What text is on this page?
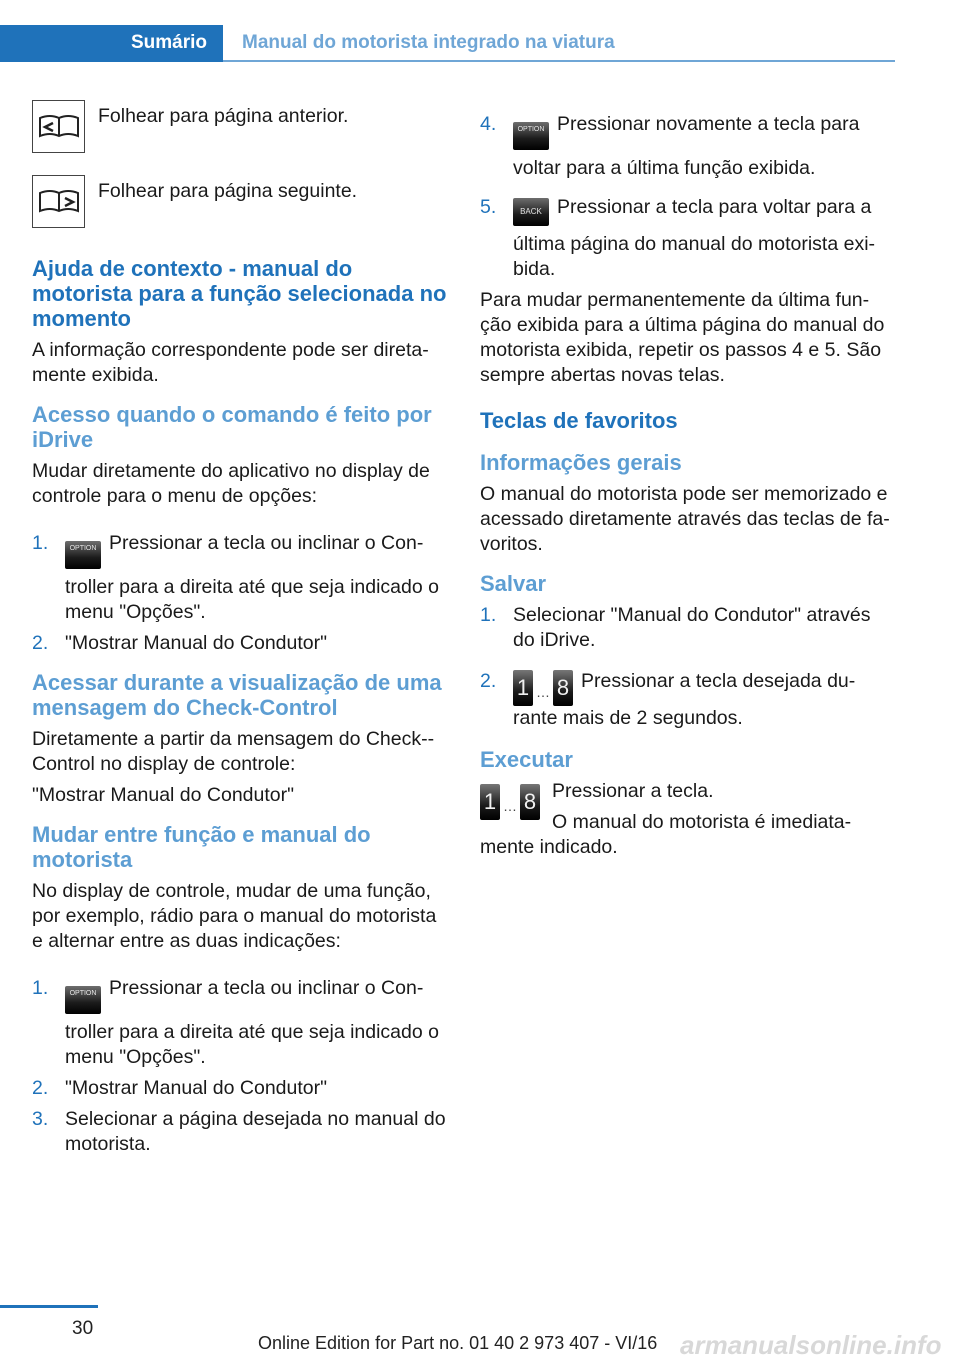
Sumário Manual do motorista integrado na viatura
Folhear para página anterior.
Folhear para página seguinte.
Ajuda de contexto - manual do motorista para a função selecionada no momento

A informação correspondente pode ser direta‐mente exibida.

Acesso quando o comando é feito por iDrive

Mudar diretamente do aplicativo no display de controle para o menu de opções:

1.	OPTION Pressionar a tecla ou inclinar o Con‐troller para a direita até que seja indicado o menu "Opções".
2. "Mostrar Manual do Condutor"
Acessar durante a visualização de uma mensagem do Check-Control

Diretamente a partir da mensagem do Check--Control no display de controle:

"Mostrar Manual do Condutor"

Mudar entre função e manual do motorista

No display de controle, mudar de uma função, por exemplo, rádio para o manual do motorista e alternar entre as duas indicações:

1.	OPTION Pressionar a tecla ou inclinar o Con‐troller para a direita até que seja indicado o menu "Opções".
2. "Mostrar Manual do Condutor"
3. Selecionar a página desejada no manual do motorista.
4.	OPTION Pressionar novamente a tecla para voltar para a última função exibida.
5.	BACK Pressionar a tecla para voltar para a última página do manual do motorista exi‐bida.

Para mudar permanentemente da última fun‐ção exibida para a última página do manual do motorista exibida, repetir os passos 4 e 5. São sempre abertas novas telas.

Teclas de favoritos
Informações gerais

O manual do motorista pode ser memorizado e acessado diretamente através das teclas de fa‐voritos.

Salvar
1. Selecionar "Manual do Condutor" através do iDrive.
2. 1 … 8 Pressionar a tecla desejada du‐rante mais de 2 segundos.
Executar
1 … 8 Pressionar a tecla.

O manual do motorista é imediata‐mente indicado.

30
Online Edition for Part no. 01 40 2 973 407 - VI/16 armanualsonline.info
